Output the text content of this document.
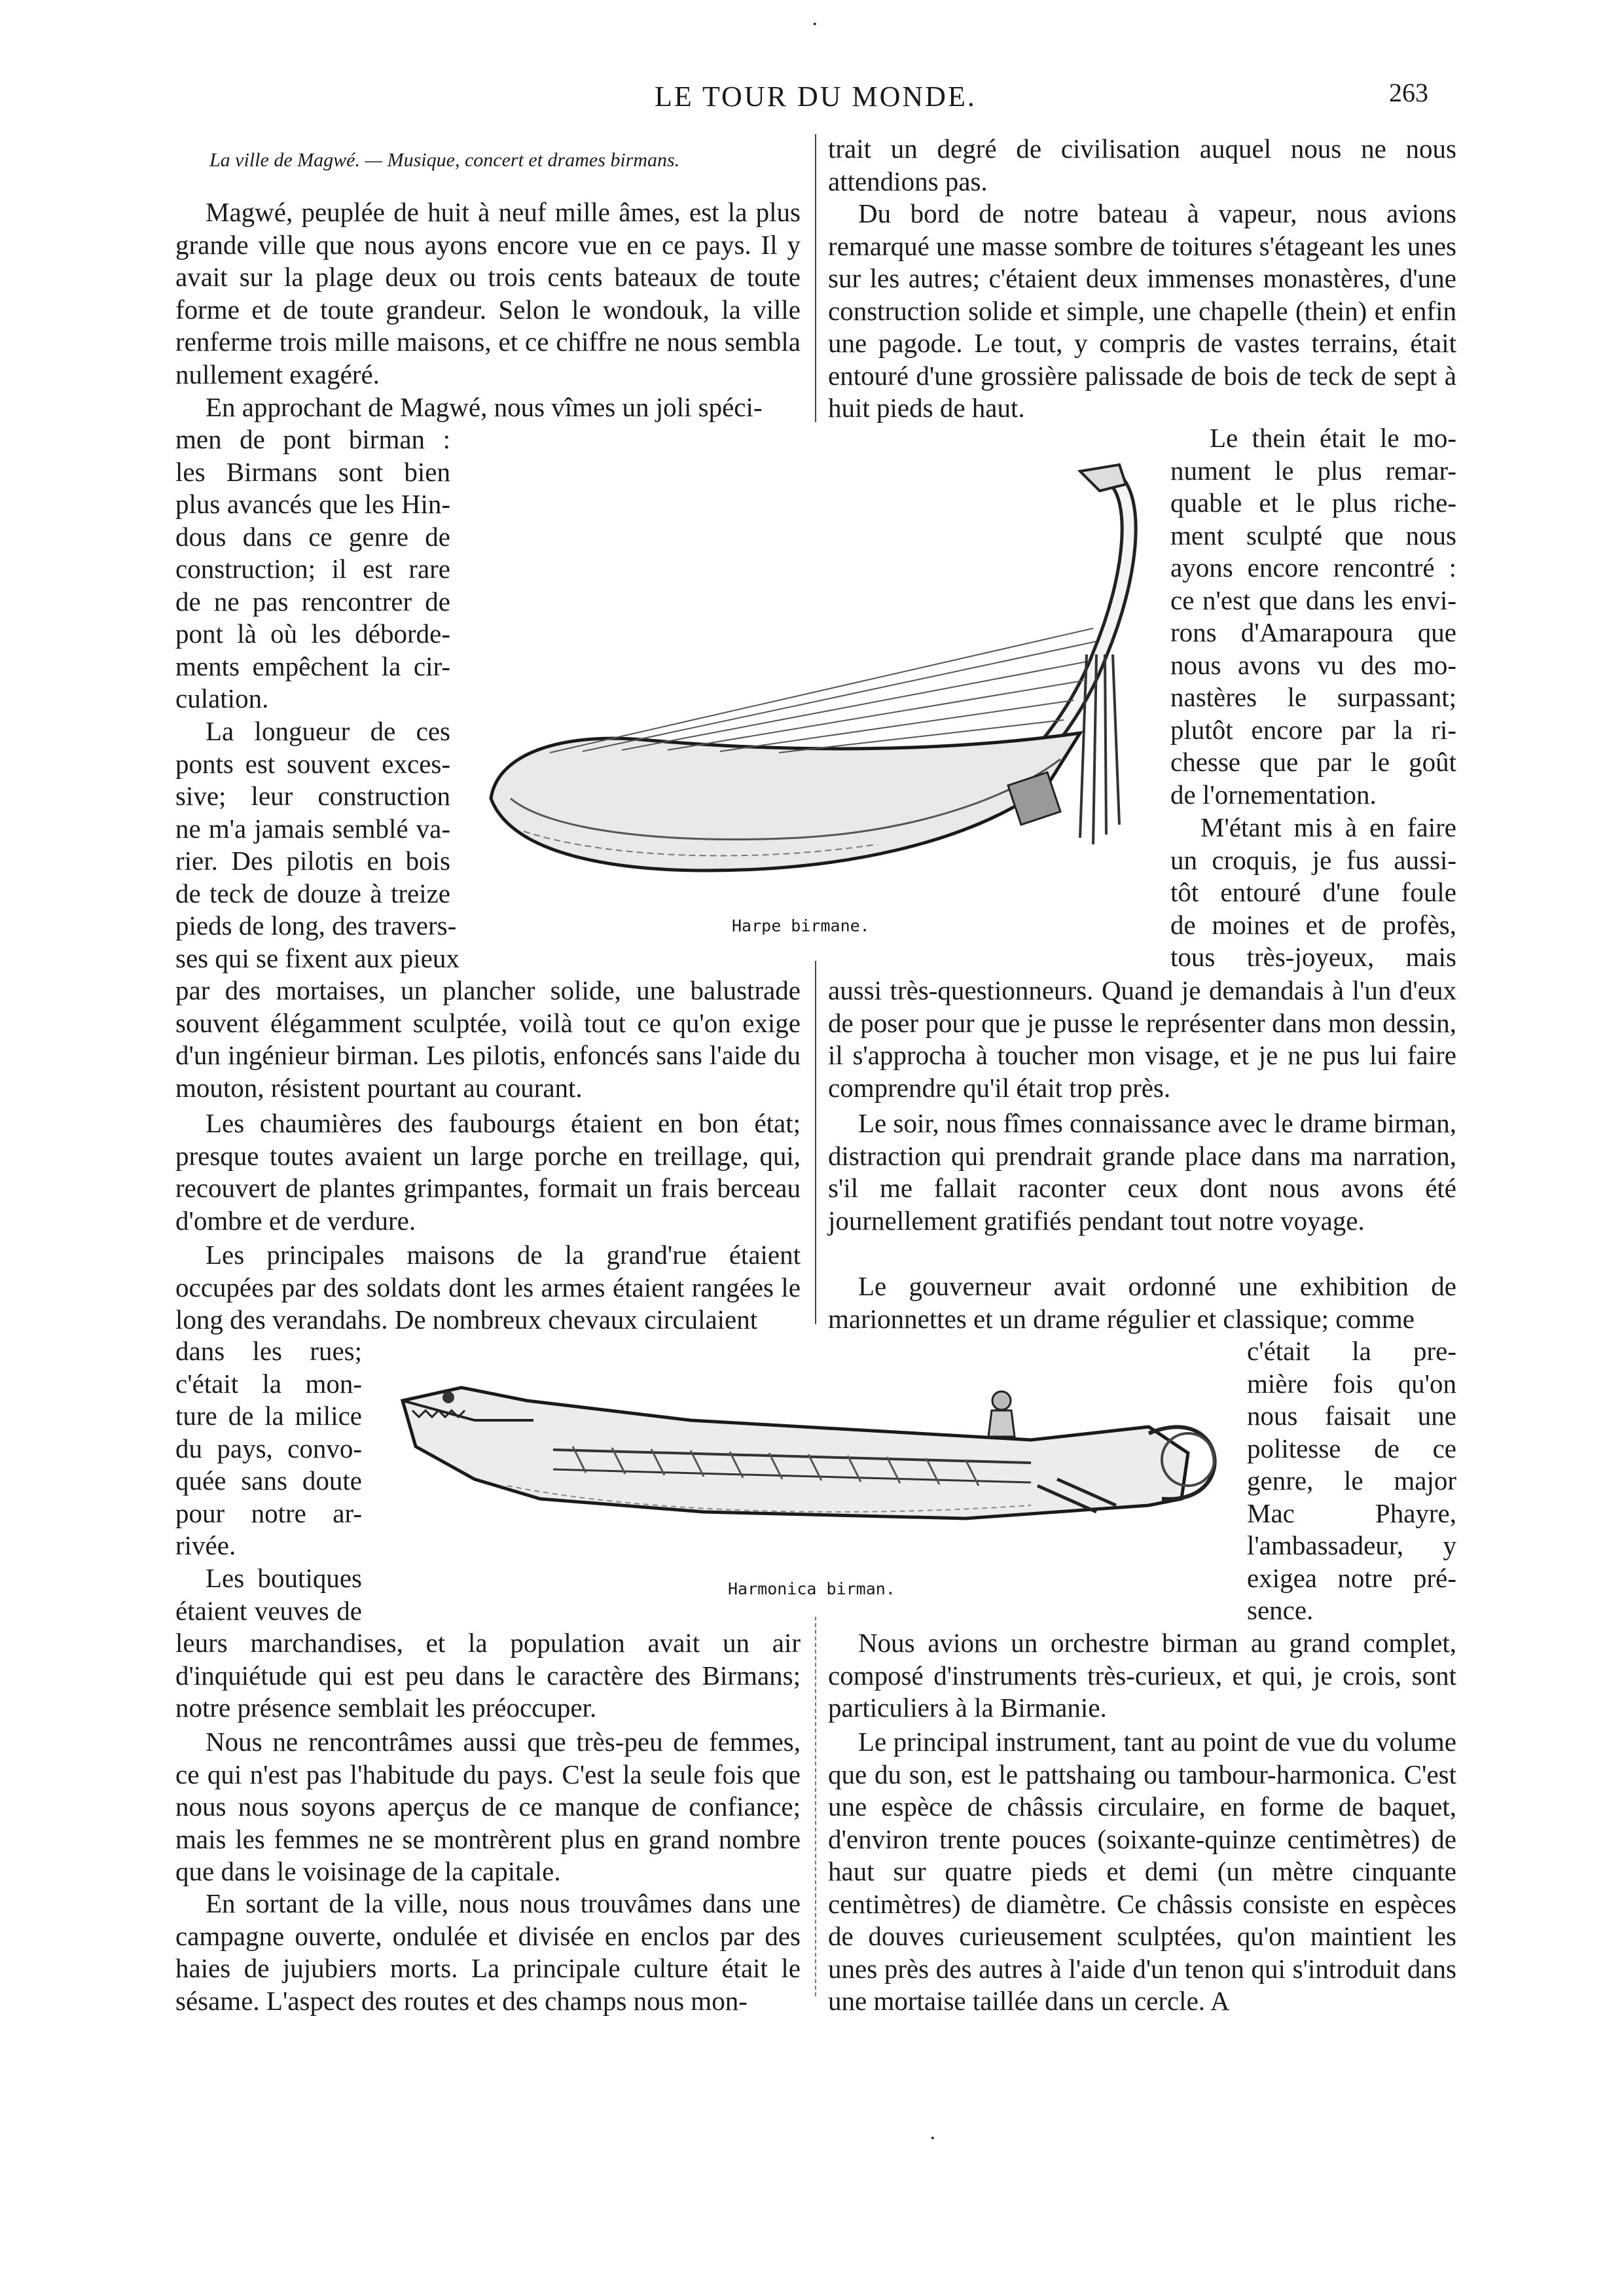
LE TOUR DU MONDE.	263
·
La ville de Magwé. — Musique, concert et drames birmans.
Magwé, peuplée de huit à neuf mille âmes, est la plus grande ville que nous ayons encore vue en ce pays. Il y avait sur la plage deux ou trois cents bateaux de toute forme et de toute grandeur. Selon le wondouk, la ville renferme trois mille maisons, et ce chiffre ne nous sembla nullement exagéré.
En approchant de Magwé, nous vîmes un joli spéci-
men de pont birman :
les Birmans sont bien
plus avancés que les Hin-
dous dans ce genre de
construction; il est rare
de ne pas rencontrer de
pont là où les déborde-
ments empêchent la cir-
culation.
La longueur de ces
ponts est souvent exces-
sive; leur construction
ne m'a jamais semblé va-
rier. Des pilotis en bois
de teck de douze à treize
pieds de long, des travers-
ses qui se fixent aux pieux
par des mortaises, un plancher solide, une balustrade souvent élégamment sculptée, voilà tout ce qu'on exige d'un ingénieur birman. Les pilotis, enfoncés sans l'aide du mouton, résistent pourtant au courant.
Les chaumières des faubourgs étaient en bon état; presque toutes avaient un large porche en treillage, qui, recouvert de plantes grimpantes, formait un frais berceau d'ombre et de verdure.
Les principales maisons de la grand'rue étaient occupées par des soldats dont les armes étaient rangées le long des verandahs. De nombreux chevaux circulaient
dans les rues;
c'était la mon-
ture de la milice
du pays, convo-
quée sans doute
pour notre ar-
rivée.
Les boutiques
étaient veuves de
leurs marchandises, et la population avait un air d'inquiétude qui est peu dans le caractère des Birmans; notre présence semblait les préoccuper.
Nous ne rencontrâmes aussi que très-peu de femmes, ce qui n'est pas l'habitude du pays. C'est la seule fois que nous nous soyons aperçus de ce manque de confiance; mais les femmes ne se montrèrent plus en grand nombre que dans le voisinage de la capitale.
En sortant de la ville, nous nous trouvâmes dans une campagne ouverte, ondulée et divisée en enclos par des haies de jujubiers morts. La principale culture était le sésame. L'aspect des routes et des champs nous mon-
trait un degré de civilisation auquel nous ne nous attendions pas.
Du bord de notre bateau à vapeur, nous avions remarqué une masse sombre de toitures s'étageant les unes sur les autres; c'étaient deux immenses monastères, d'une construction solide et simple, une chapelle (thein) et enfin une pagode. Le tout, y compris de vastes terrains, était entouré d'une grossière palissade de bois de teck de sept à huit pieds de haut.
Le thein était le mo-
nument le plus remar-
quable et le plus riche-
ment sculpté que nous
ayons encore rencontré :
ce n'est que dans les envi-
rons d'Amarapoura que
nous avons vu des mo-
nastères le surpassant;
plutôt encore par la ri-
chesse que par le goût
de l'ornementation.
M'étant mis à en faire
un croquis, je fus aussi-
tôt entouré d'une foule
de moines et de profès,
tous très-joyeux, mais
aussi très-questionneurs. Quand je demandais à l'un d'eux de poser pour que je pusse le représenter dans mon dessin, il s'approcha à toucher mon visage, et je ne pus lui faire comprendre qu'il était trop près.
Le soir, nous fîmes connaissance avec le drame birman, distraction qui prendrait grande place dans ma narration, s'il me fallait raconter ceux dont nous avons été journellement gratifiés pendant tout notre voyage.
Le gouverneur avait ordonné une exhibition de marionnettes et un drame régulier et classique; comme
c'était la pre-
mière fois qu'on
nous faisait une
politesse de ce
genre, le major
Mac Phayre,
l'ambassadeur, y
exigea notre pré-
sence.
Nous avions un orchestre birman au grand complet, composé d'instruments très-curieux, et qui, je crois, sont particuliers à la Birmanie.
Le principal instrument, tant au point de vue du volume que du son, est le pattshaing ou tambour-harmonica. C'est une espèce de châssis circulaire, en forme de baquet, d'environ trente pouces (soixante-quinze centimètres) de haut sur quatre pieds et demi (un mètre cinquante centimètres) de diamètre. Ce châssis consiste en espèces de douves curieusement sculptées, qu'on maintient les unes près des autres à l'aide d'un tenon qui s'introduit dans une mortaise taillée dans un cercle. A
Harpe birmane.
Harmonica birman.
·
